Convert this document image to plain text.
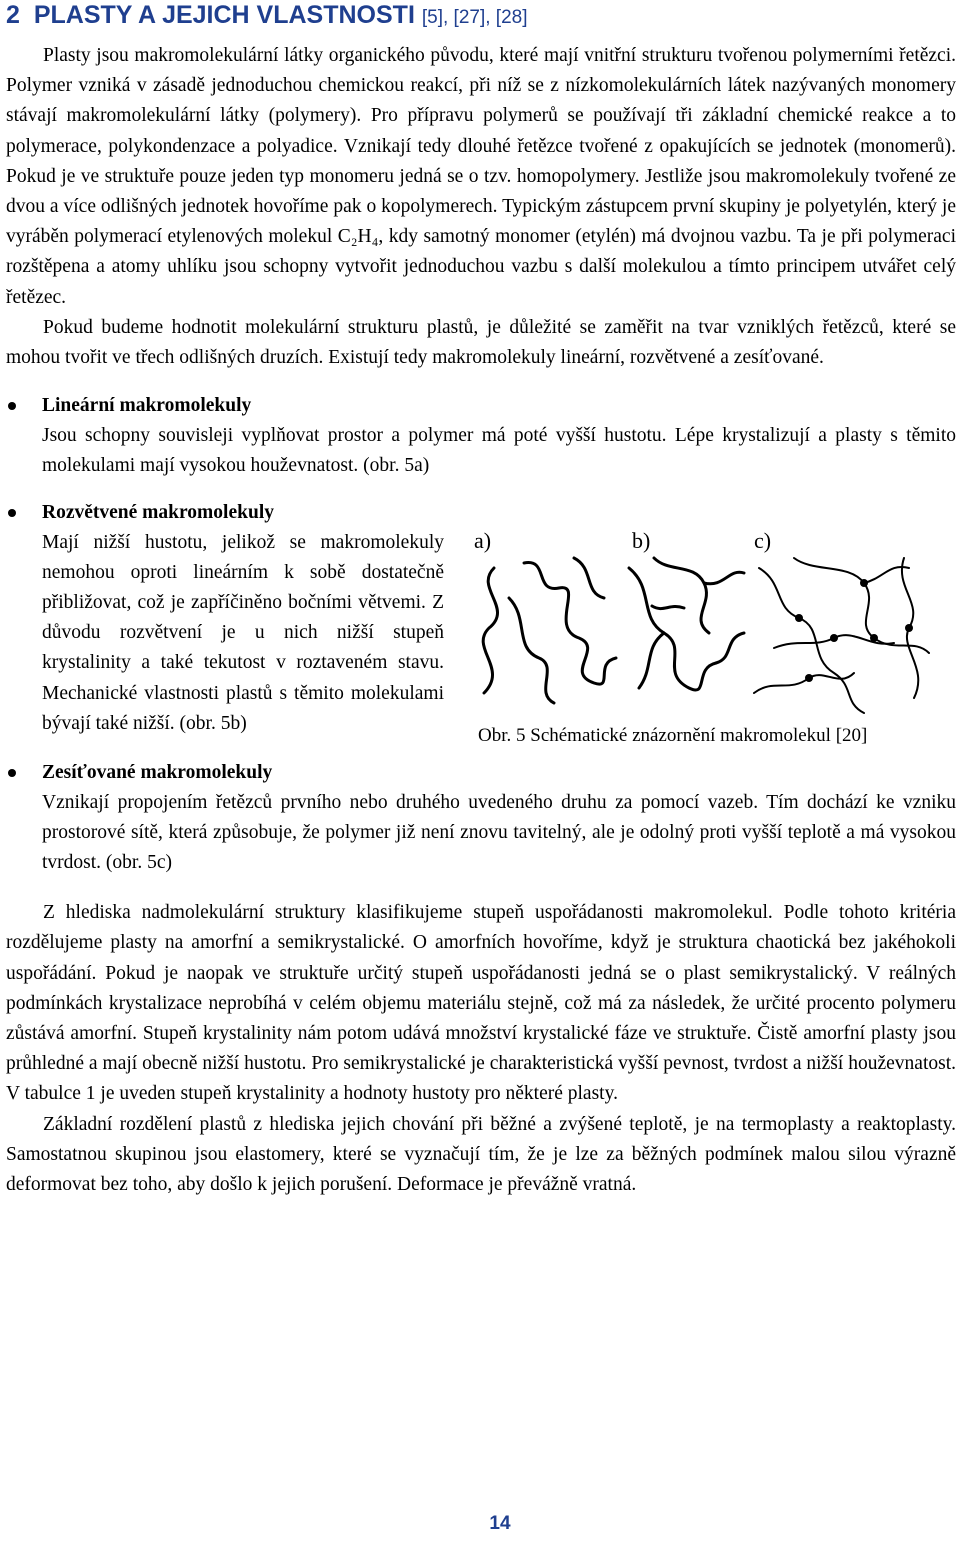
2 PLASTY A JEJICH VLASTNOSTI [5], [27], [28]

Plasty jsou makromolekulární látky organického původu, které mají vnitřní strukturu tvořenou polymerními řetězci. Polymer vzniká v zásadě jednoduchou chemickou reakcí, při níž se z nízkomolekulárních látek nazývaných monomery stávají makromolekulární látky (polymery). Pro přípravu polymerů se používají tři základní chemické reakce a to polymerace, polykondenzace a polyadice. Vznikají tedy dlouhé řetězce tvořené z opakujících se jednotek (monomerů). Pokud je ve struktuře pouze jeden typ monomeru jedná se o tzv. homopolymery. Jestliže jsou makromolekuly tvořené ze dvou a více odlišných jednotek hovoříme pak o kopolymerech. Typickým zástupcem první skupiny je polyetylén, který je vyráběn polymerací etylenových molekul C₂H₄, kdy samotný monomer (etylén) má dvojnou vazbu. Ta je při polymeraci rozštěpena a atomy uhlíku jsou schopny vytvořit jednoduchou vazbu s další molekulou a tímto principem utvářet celý řetězec.

Pokud budeme hodnotit molekulární strukturu plastů, je důležité se zaměřit na tvar vzniklých řetězců, které se mohou tvořit ve třech odlišných druzích. Existují tedy makromolekuly lineární, rozvětvené a zesíťované.

Lineární makromolekuly

Jsou schopny souvisleji vyplňovat prostor a polymer má poté vyšší hustotu. Lépe krystalizují a plasty s těmito molekulami mají vysokou houževnatost. (obr. 5a)

Rozvětvené makromolekuly

Mají nižší hustotu, jelikož se makromolekuly nemohou oproti lineárním k sobě dostatečně přibližovat, což je zapříčiněno bočními větvemi. Z důvodu rozvětvení je u nich nižší stupeň krystalinity a také tekutost v roztaveném stavu. Mechanické vlastnosti plastů s těmito molekulami bývají také nižší. (obr. 5b)

a)	b)	c)
Obr. 5 Schématické znázornění makromolekul [20]
Zesíťované makromolekuly

Vznikají propojením řetězců prvního nebo druhého uvedeného druhu za pomocí vazeb. Tím dochází ke vzniku prostorové sítě, která způsobuje, že polymer již není znovu tavitelný, ale je odolný proti vyšší teplotě a má vysokou tvrdost. (obr. 5c)

Z hlediska nadmolekulární struktury klasifikujeme stupeň uspořádanosti makromolekul. Podle tohoto kritéria rozdělujeme plasty na amorfní a semikrystalické. O amorfních hovoříme, když je struktura chaotická bez jakéhokoli uspořádání. Pokud je naopak ve struktuře určitý stupeň uspořádanosti jedná se o plast semikrystalický. V reálných podmínkách krystalizace neprobíhá v celém objemu materiálu stejně, což má za následek, že určité procento polymeru zůstává amorfní. Stupeň krystalinity nám potom udává množství krystalické fáze ve struktuře. Čistě amorfní plasty jsou průhledné a mají obecně nižší hustotu. Pro semikrystalické je charakteristická vyšší pevnost, tvrdost a nižší houževnatost. V tabulce 1 je uveden stupeň krystalinity a hodnoty hustoty pro některé plasty.

Základní rozdělení plastů z hlediska jejich chování při běžné a zvýšené teplotě, je na termoplasty a reaktoplasty. Samostatnou skupinou jsou elastomery, které se vyznačují tím, že je lze za běžných podmínek malou silou výrazně deformovat bez toho, aby došlo k jejich porušení. Deformace je převážně vratná.

14
